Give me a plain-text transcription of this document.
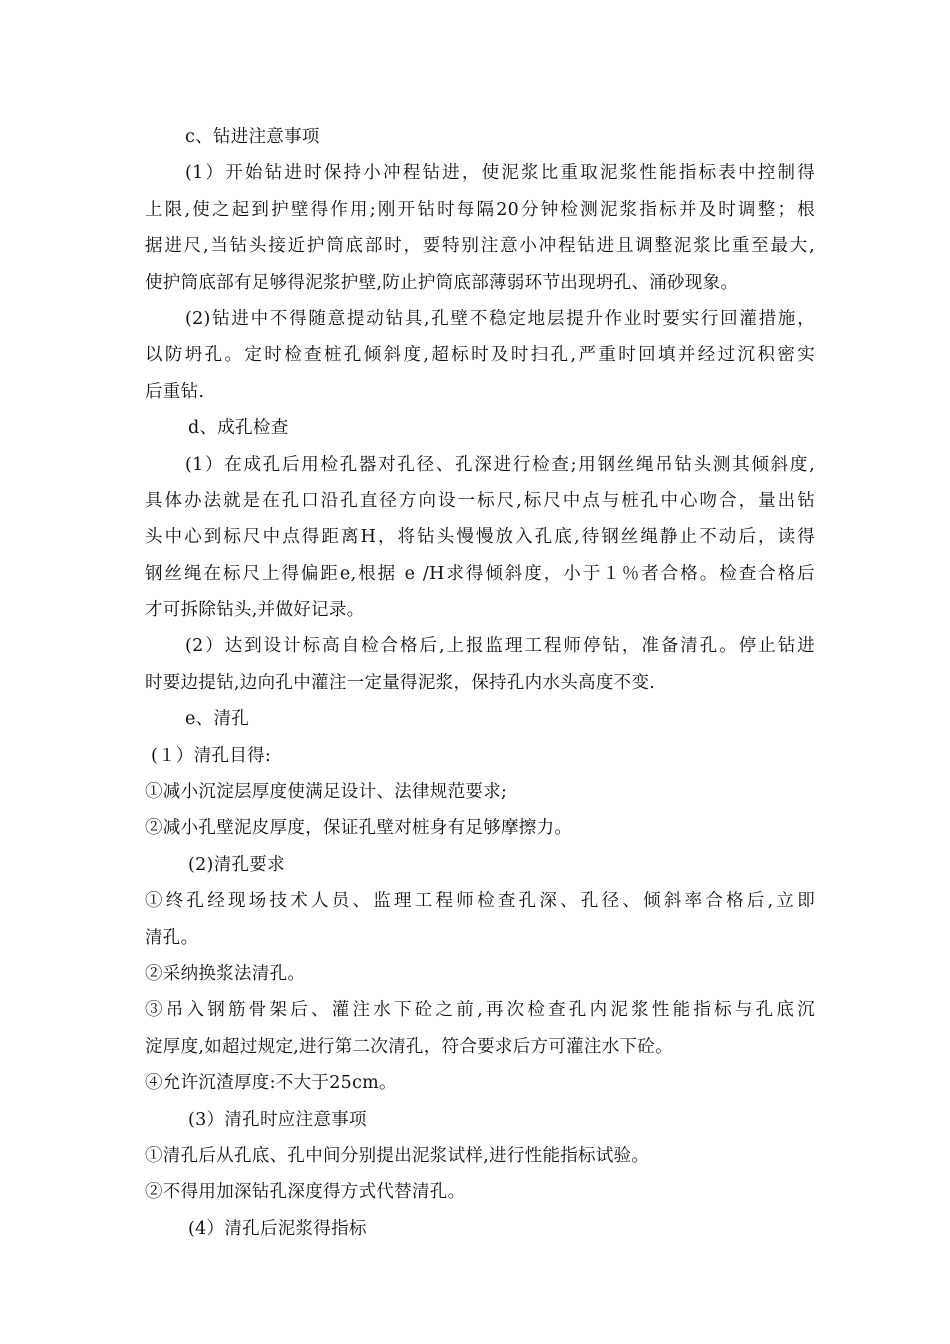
c、钻进注意事项
(1）开始钻进时保持小冲程钻进，使泥浆比重取泥浆性能指标表中控制得
上限,使之起到护壁得作用;刚开钻时每隔20分钟检测泥浆指标并及时调整；根
据进尺,当钻头接近护筒底部时，要特别注意小冲程钻进且调整泥浆比重至最大,
使护筒底部有足够得泥浆护壁,防止护筒底部薄弱环节出现坍孔、涌砂现象。
(2)钻进中不得随意提动钻具,孔壁不稳定地层提升作业时要实行回灌措施，
以防坍孔。定时检查桩孔倾斜度,超标时及时扫孔,严重时回填并经过沉积密实
后重钻.
d、成孔检查
(1）在成孔后用检孔器对孔径、孔深进行检查;用钢丝绳吊钻头测其倾斜度,
具体办法就是在孔口沿孔直径方向设一标尺,标尺中点与桩孔中心吻合，量出钻
头中心到标尺中点得距离H，将钻头慢慢放入孔底,待钢丝绳静止不动后，读得
钢丝绳在标尺上得偏距e,根据 e /H求得倾斜度，小于１％者合格。检查合格后
才可拆除钻头,并做好记录。
(2）达到设计标高自检合格后,上报监理工程师停钻，准备清孔。停止钻进
时要边提钻,边向孔中灌注一定量得泥浆，保持孔内水头高度不变.
e、清孔
(１）清孔目得:
①减小沉淀层厚度使满足设计、法律规范要求;
②减小孔壁泥皮厚度，保证孔壁对桩身有足够摩擦力。
(2)清孔要求
①终孔经现场技术人员、监理工程师检查孔深、孔径、倾斜率合格后,立即
清孔。
②采纳换浆法清孔。
③吊入钢筋骨架后、灌注水下砼之前,再次检查孔内泥浆性能指标与孔底沉
淀厚度,如超过规定,进行第二次清孔，符合要求后方可灌注水下砼。
④允许沉渣厚度:不大于25cm。
(3）清孔时应注意事项
①清孔后从孔底、孔中间分别提出泥浆试样,进行性能指标试验。
②不得用加深钻孔深度得方式代替清孔。
(4）清孔后泥浆得指标
